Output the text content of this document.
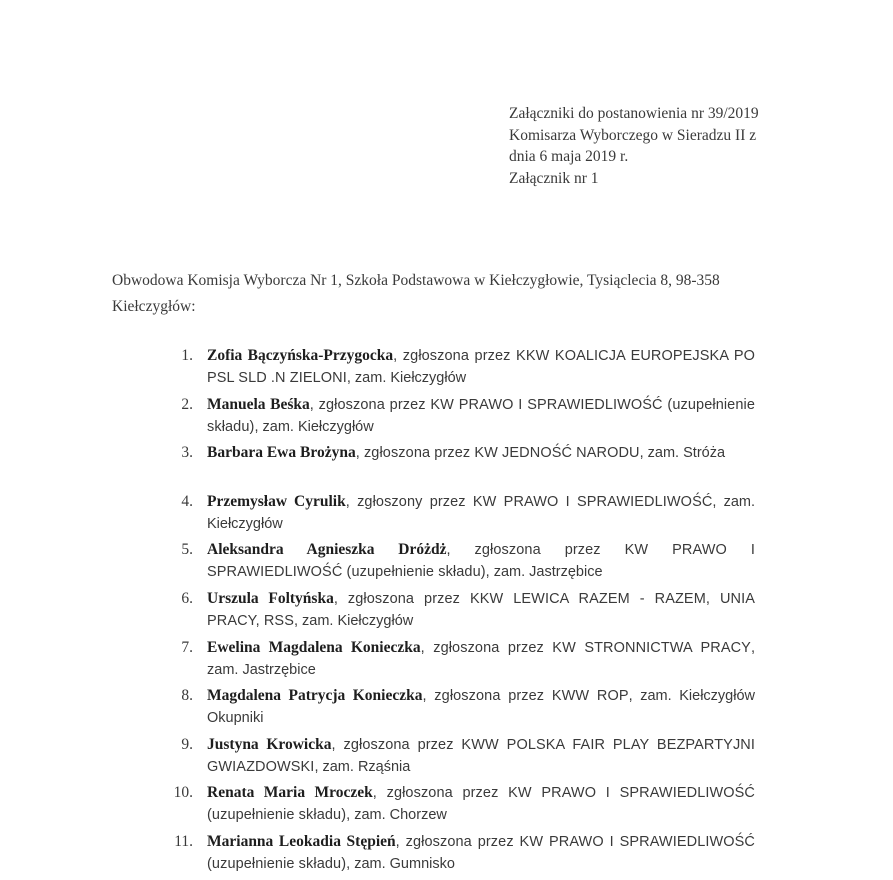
Załączniki do postanowienia nr 39/2019
Komisarza Wyborczego w Sieradzu II z
dnia 6 maja 2019 r.
Załącznik nr 1
Obwodowa Komisja Wyborcza Nr 1, Szkoła Podstawowa w Kiełczygłowie, Tysiąclecia 8, 98-358 Kiełczygłów:
1. Zofia Bączyńska-Przygocka, zgłoszona przez KKW KOALICJA EUROPEJSKA PO PSL SLD .N ZIELONI, zam. Kiełczygłów
2. Manuela Beśka, zgłoszona przez KW PRAWO I SPRAWIEDLIWOŚĆ (uzupełnienie składu), zam. Kiełczygłów
3. Barbara Ewa Brożyna, zgłoszona przez KW JEDNOŚĆ NARODU, zam. Stróża
4. Przemysław Cyrulik, zgłoszony przez KW PRAWO I SPRAWIEDLIWOŚĆ, zam. Kiełczygłów
5. Aleksandra Agnieszka Dróżdż, zgłoszona przez KW PRAWO I SPRAWIEDLIWOŚĆ (uzupełnienie składu), zam. Jastrzębice
6. Urszula Foltyńska, zgłoszona przez KKW LEWICA RAZEM - RAZEM, UNIA PRACY, RSS, zam. Kiełczygłów
7. Ewelina Magdalena Konieczka, zgłoszona przez KW STRONNICTWA PRACY, zam. Jastrzębice
8. Magdalena Patrycja Konieczka, zgłoszona przez KWW ROP, zam. Kiełczygłów Okupniki
9. Justyna Krowicka, zgłoszona przez KWW POLSKA FAIR PLAY BEZPARTYJNI GWIAZDOWSKI, zam. Rząśnia
10. Renata Maria Mroczek, zgłoszona przez KW PRAWO I SPRAWIEDLIWOŚĆ (uzupełnienie składu), zam. Chorzew
11. Marianna Leokadia Stępień, zgłoszona przez KW PRAWO I SPRAWIEDLIWOŚĆ (uzupełnienie składu), zam. Gumnisko
